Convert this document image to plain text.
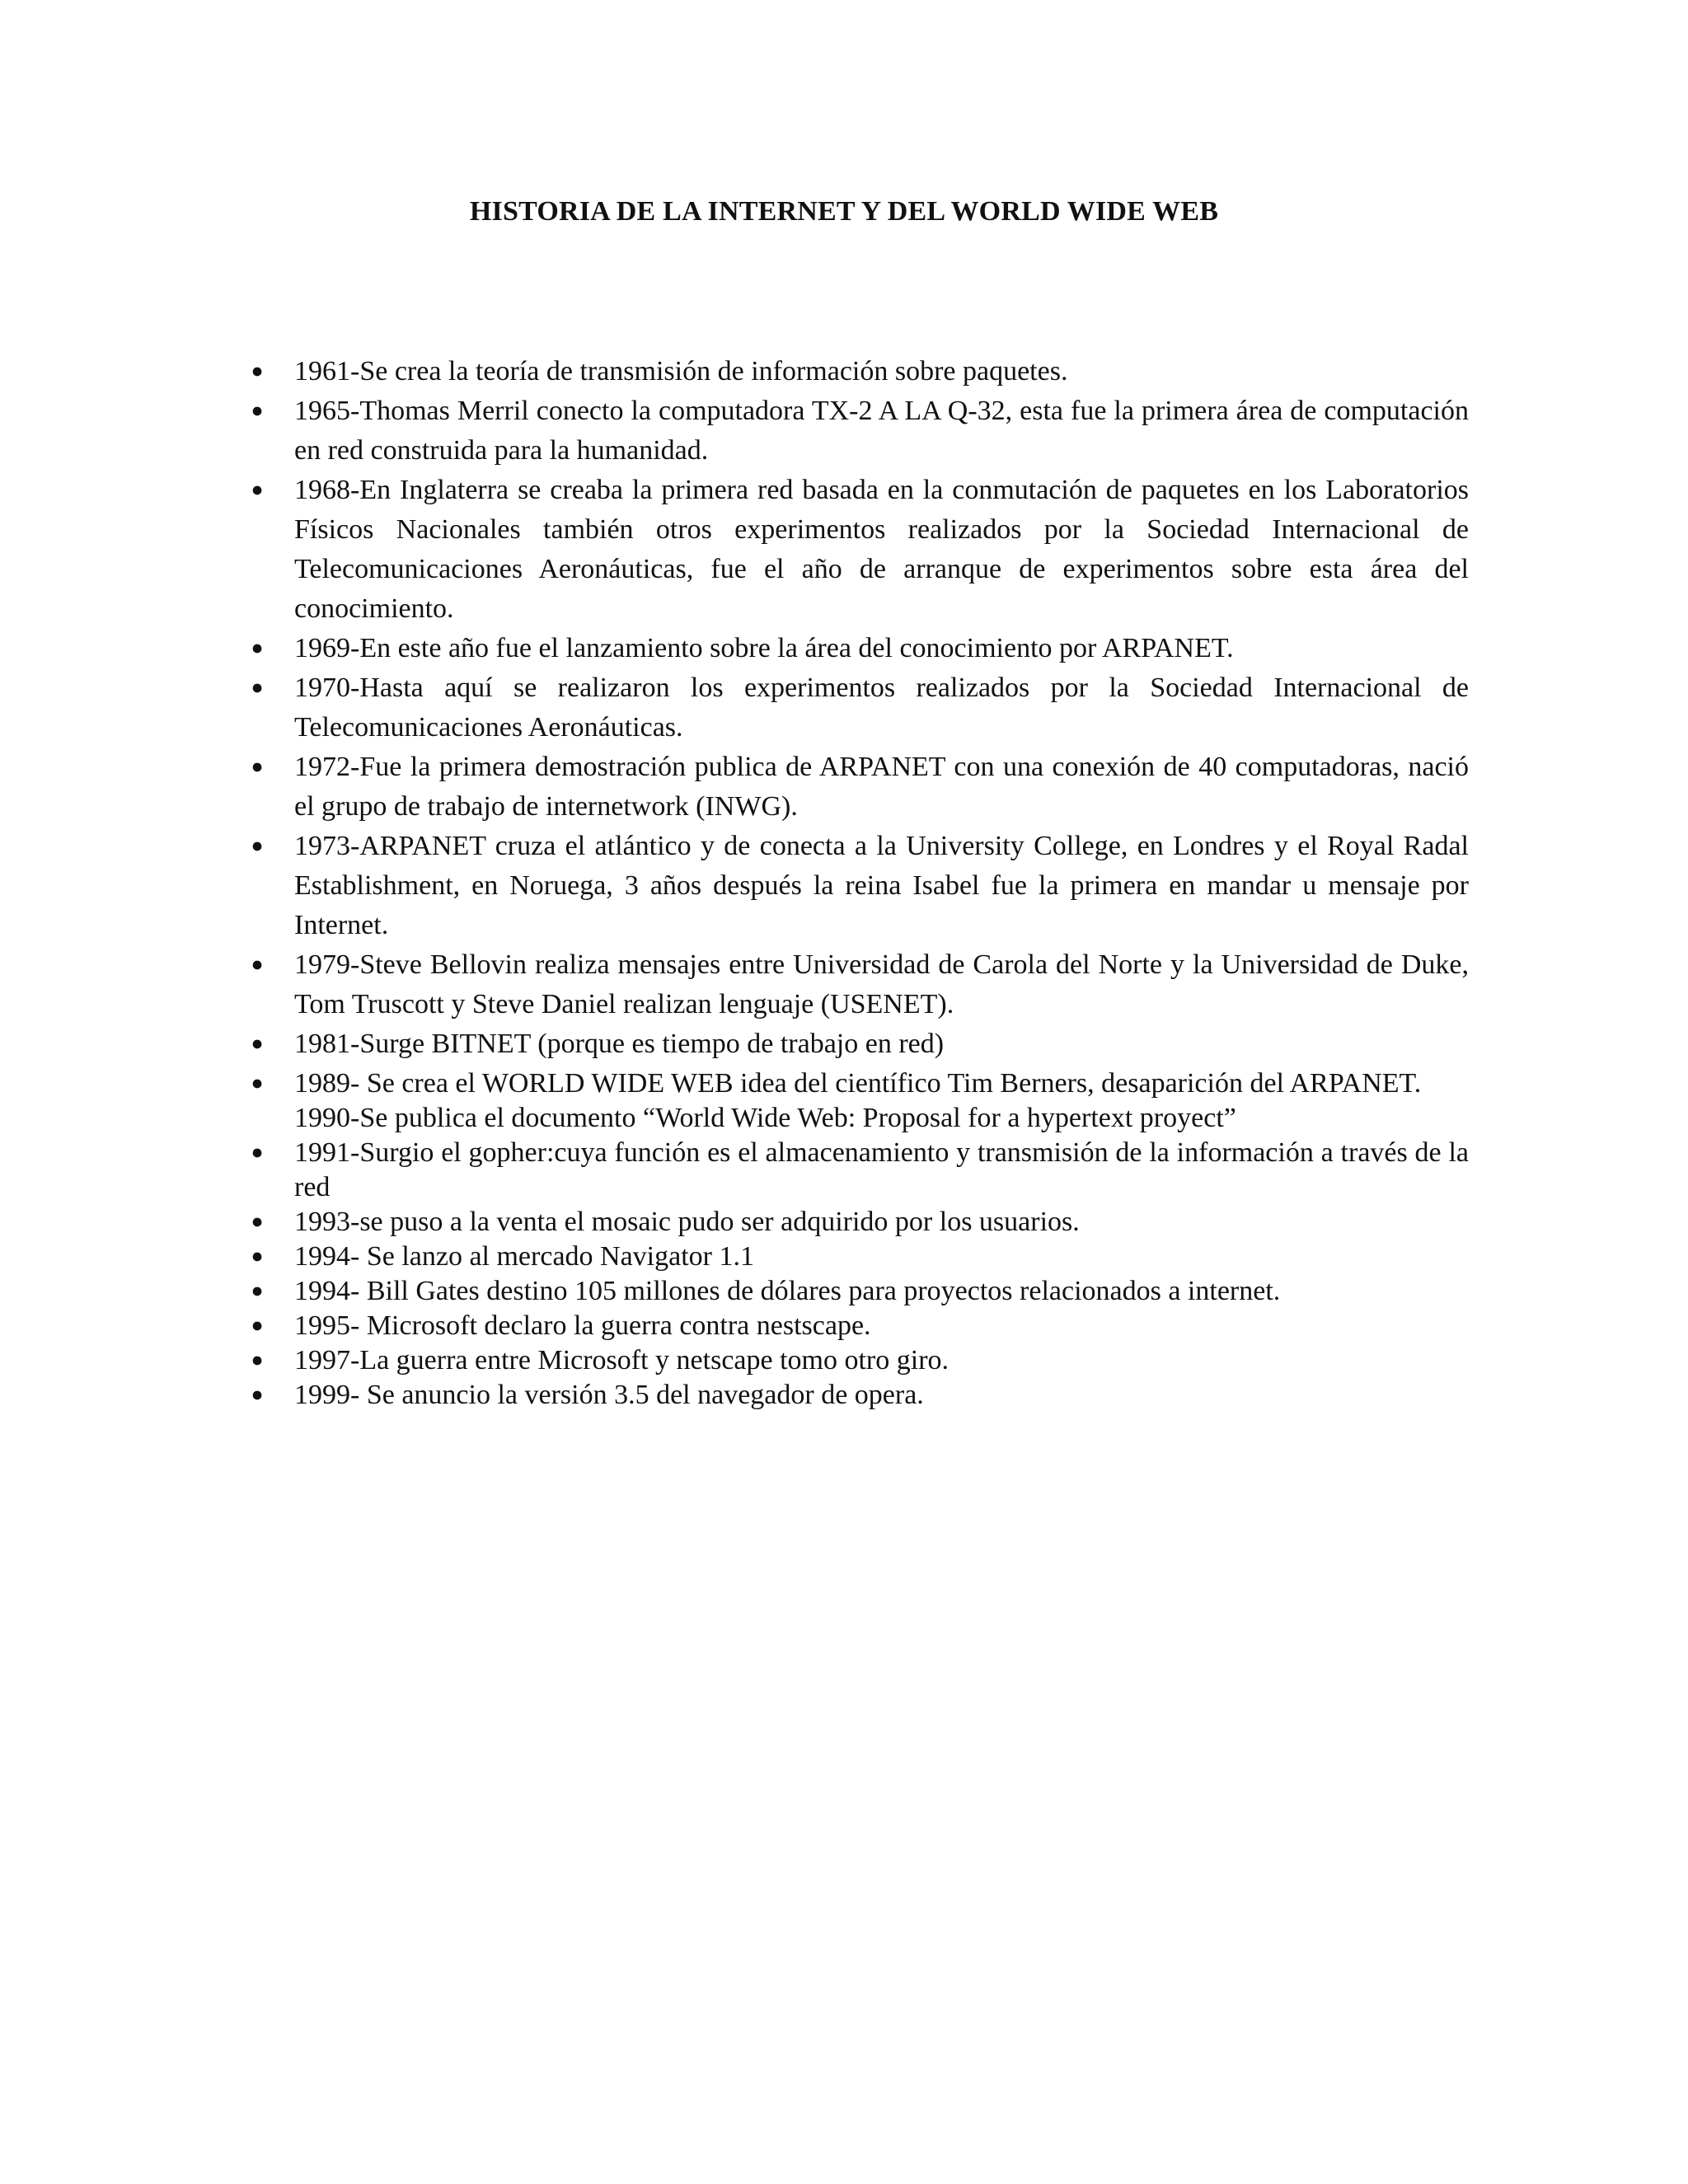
HISTORIA DE LA INTERNET Y DEL WORLD WIDE WEB
● 1961-Se crea la teoría de transmisión de información sobre paquetes.
● 1965-Thomas Merril conecto la computadora TX-2 A LA Q-32, esta fue la primera área de computación en red construida para la humanidad.
● 1968-En Inglaterra se creaba la primera red basada en la conmutación de paquetes en los Laboratorios Físicos Nacionales también otros experimentos realizados por la Sociedad Internacional de Telecomunicaciones Aeronáuticas, fue el año de arranque de experimentos sobre esta área del conocimiento.
● 1969-En este año fue el lanzamiento sobre la área del conocimiento por ARPANET.
● 1970-Hasta aquí se realizaron los experimentos realizados por la Sociedad Internacional de Telecomunicaciones Aeronáuticas.
● 1972-Fue la primera demostración publica de ARPANET con una conexión de 40 computadoras, nació el grupo de trabajo de internetwork (INWG).
● 1973-ARPANET cruza el atlántico y de conecta a la University College, en Londres y el Royal Radal Establishment, en Noruega, 3 años después la reina Isabel fue la primera en mandar u mensaje por Internet.
● 1979-Steve Bellovin realiza mensajes entre Universidad de Carola del Norte y la Universidad de Duke, Tom Truscott y Steve Daniel realizan lenguaje (USENET).
● 1981-Surge BITNET (porque es tiempo de trabajo en red)
● 1989- Se crea el WORLD WIDE WEB idea del científico Tim Berners, desaparición del ARPANET.
1990-Se publica el documento “World Wide Web: Proposal for a hypertext proyect”
● 1991-Surgio el gopher:cuya función es el almacenamiento y transmisión de la información a través de la red
● 1993-se puso a la venta el mosaic pudo ser adquirido por los usuarios.
● 1994- Se lanzo al mercado Navigator 1.1
● 1994- Bill Gates destino 105 millones de dólares para proyectos relacionados a internet.
● 1995- Microsoft declaro la guerra contra nestscape.
● 1997-La guerra entre Microsoft y netscape tomo otro giro.
● 1999- Se anuncio la versión 3.5 del navegador de opera.
